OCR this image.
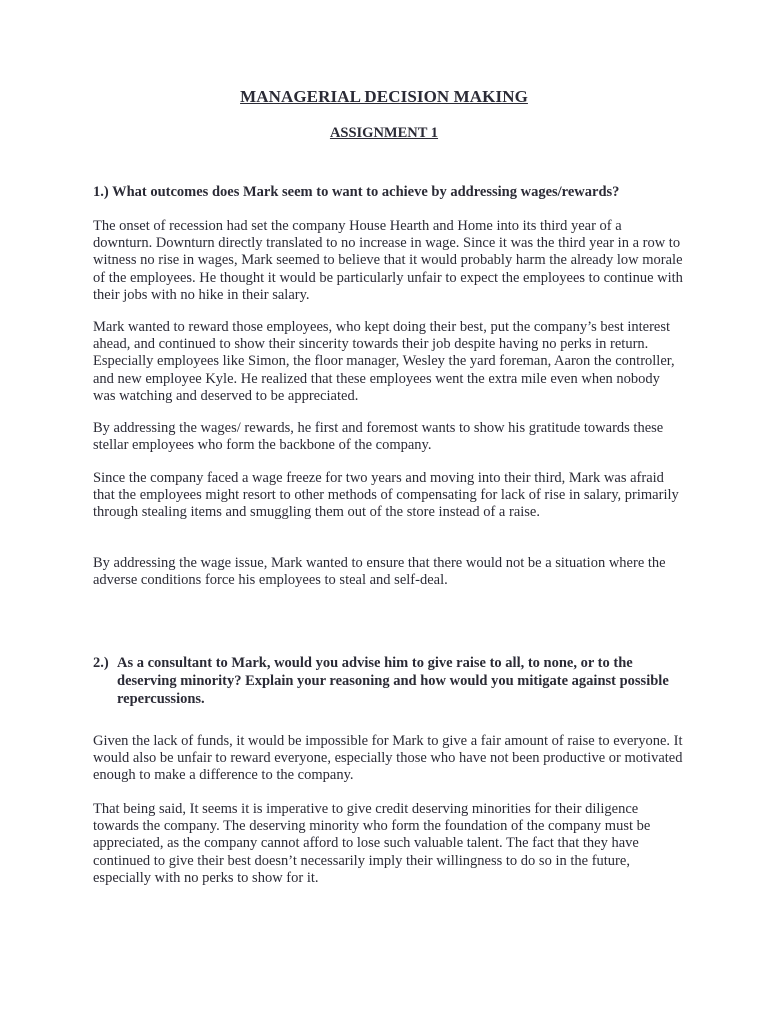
MANAGERIAL DECISION MAKING
ASSIGNMENT 1
1.) What outcomes does Mark seem to want to achieve by addressing wages/rewards?

The onset of recession had set the company House Hearth and Home into its third year of a downturn. Downturn directly translated to no increase in wage. Since it was the third year in a row to witness no rise in wages, Mark seemed to believe that it would probably harm the already low morale of the employees. He thought it would be particularly unfair to expect the employees to continue with their jobs with no hike in their salary.

Mark wanted to reward those employees, who kept doing their best, put the company’s best interest ahead, and continued to show their sincerity towards their job despite having no perks in return. Especially employees like Simon, the floor manager, Wesley the yard foreman, Aaron the controller, and new employee Kyle. He realized that these employees went the extra mile even when nobody was watching and deserved to be appreciated.

By addressing the wages/ rewards, he first and foremost wants to show his gratitude towards these stellar employees who form the backbone of the company.

Since the company faced a wage freeze for two years and moving into their third, Mark was afraid that the employees might resort to other methods of compensating for lack of rise in salary, primarily through stealing items and smuggling them out of the store instead of a raise.

By addressing the wage issue, Mark wanted to ensure that there would not be a situation where the adverse conditions force his employees to steal and self-deal.

2.) As a consultant to Mark, would you advise him to give raise to all, to none, or to the deserving minority? Explain your reasoning and how would you mitigate against possible repercussions.

Given the lack of funds, it would be impossible for Mark to give a fair amount of raise to everyone. It would also be unfair to reward everyone, especially those who have not been productive or motivated enough to make a difference to the company.

That being said, It seems it is imperative to give credit deserving minorities for their diligence towards the company. The deserving minority who form the foundation of the company must be appreciated, as the company cannot afford to lose such valuable talent. The fact that they have continued to give their best doesn’t necessarily imply their willingness to do so in the future, especially with no perks to show for it.
